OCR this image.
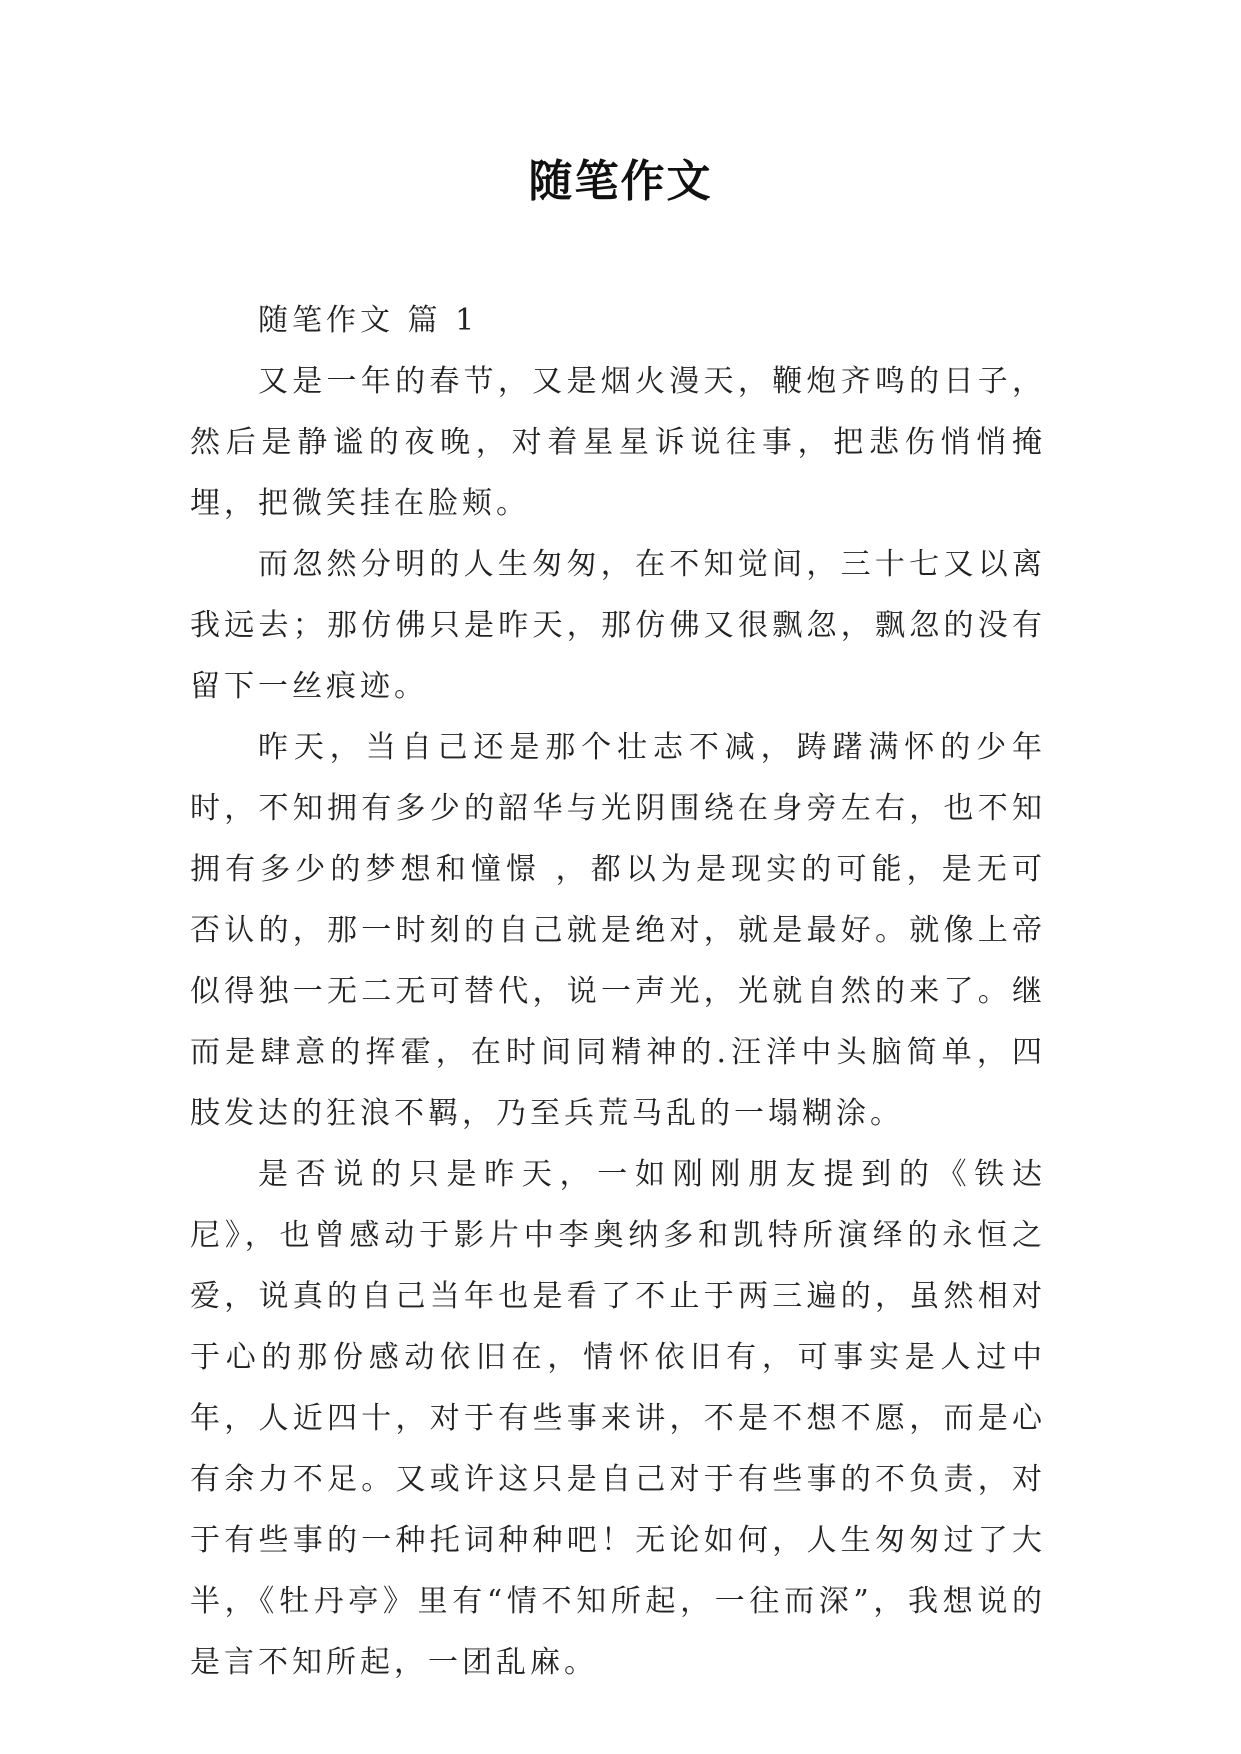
随笔作文

随笔作文 篇 1

又是一年的春节，又是烟火漫天，鞭炮齐鸣的日子，然后是静谧的夜晚，对着星星诉说往事，把悲伤悄悄掩埋，把微笑挂在脸颊。

而忽然分明的人生匆匆，在不知觉间，三十七又以离我远去；那仿佛只是昨天，那仿佛又很飘忽，飘忽的没有留下一丝痕迹。

昨天，当自己还是那个壮志不减，踌躇满怀的少年时，不知拥有多少的韶华与光阴围绕在身旁左右，也不知拥有多少的梦想和憧憬 ，都以为是现实的可能，是无可否认的，那一时刻的自己就是绝对，就是最好。就像上帝似得独一无二无可替代，说一声光，光就自然的来了。继而是肆意的挥霍，在时间同精神的.汪洋中头脑简单，四肢发达的狂浪不羁，乃至兵荒马乱的一塌糊涂。

是否说的只是昨天，一如刚刚朋友提到的《铁达尼》，也曾感动于影片中李奥纳多和凯特所演绎的永恒之爱，说真的自己当年也是看了不止于两三遍的，虽然相对于心的那份感动依旧在，情怀依旧有，可事实是人过中年，人近四十，对于有些事来讲，不是不想不愿，而是心有余力不足。又或许这只是自己对于有些事的不负责，对于有些事的一种托词种种吧！无论如何，人生匆匆过了大半，《牡丹亭》里有“情不知所起，一往而深”，我想说的是言不知所起，一团乱麻。
